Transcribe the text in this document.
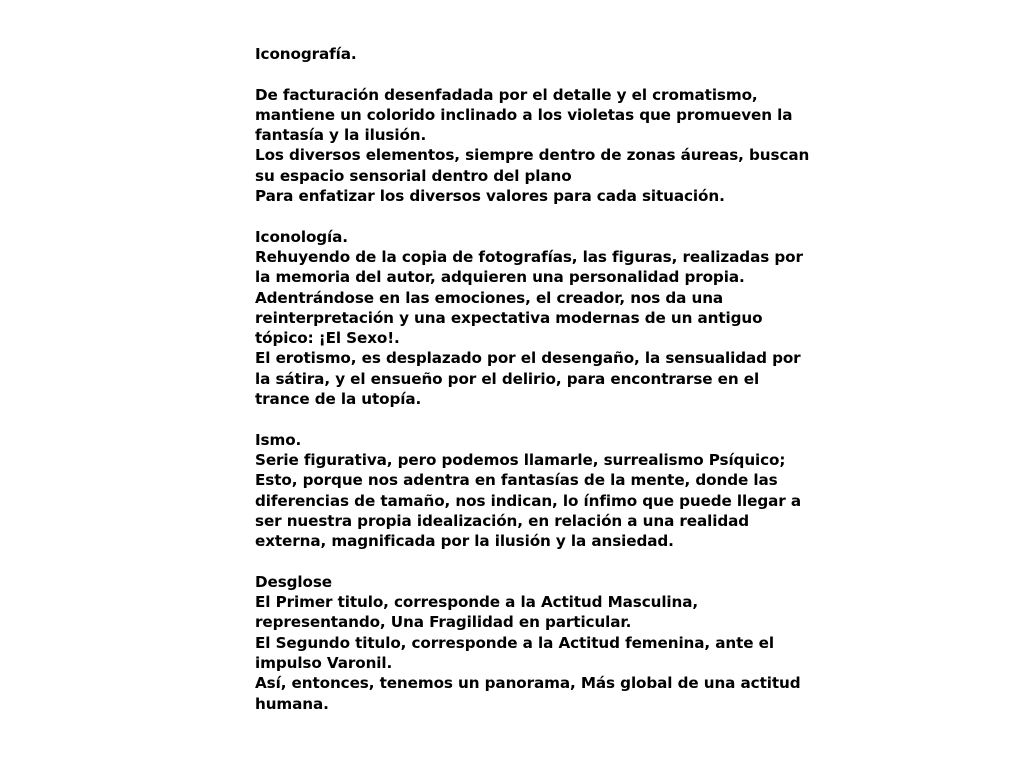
Iconografía.

De facturación desenfadada por el detalle y el cromatismo,
mantiene un colorido inclinado a los violetas que promueven la
fantasía y la ilusión.
Los diversos elementos, siempre dentro de zonas áureas, buscan
su espacio sensorial dentro del plano
Para enfatizar los diversos valores para cada situación.

Iconología.
Rehuyendo de la copia de fotografías, las figuras, realizadas por
la memoria del autor, adquieren una personalidad propia.
Adentrándose en las emociones, el creador, nos da una
reinterpretación y una expectativa modernas de un antiguo
tópico: ¡El Sexo!.
El erotismo, es desplazado por el desengaño, la sensualidad por
la sátira, y el ensueño por el delirio, para encontrarse en el
trance de la utopía.

Ismo.
Serie figurativa, pero podemos llamarle, surrealismo Psíquico;
Esto, porque nos adentra en fantasías de la mente, donde las
diferencias de tamaño, nos indican, lo ínfimo que puede llegar a
ser nuestra propia idealización, en relación a una realidad
externa, magnificada por la ilusión y la ansiedad.

Desglose
El Primer titulo, corresponde a la Actitud Masculina,
representando, Una Fragilidad en particular.
El Segundo titulo, corresponde a la Actitud femenina, ante el
impulso Varonil.
Así, entonces, tenemos un panorama, Más global de una actitud
humana.
